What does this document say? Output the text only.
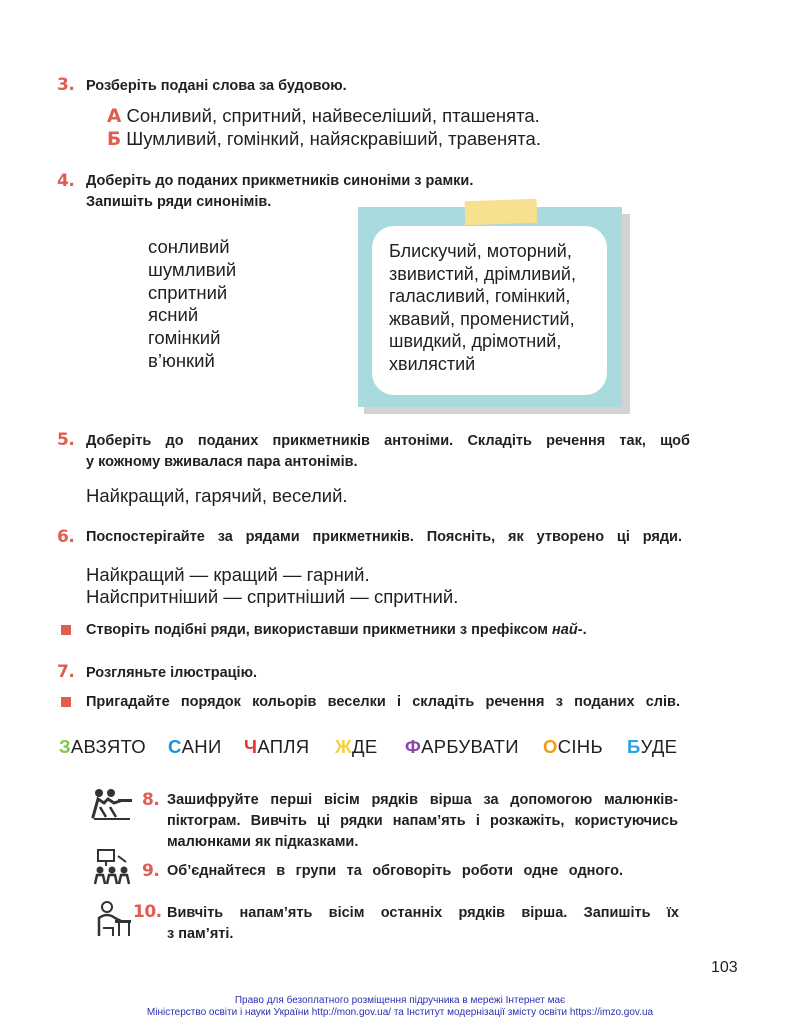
3. Розберіть подані слова за будовою.
А Сонливий, спритний, найвеселіший, пташенята.
Б Шумливий, гомінкий, найяскравіший, травенята.
4. Доберіть до поданих прикметників синоніми з рамки.
Запишіть ряди синонімів.
сонливий
шумливий
спритний
ясний
гомінкий
в’юнкий
Блискучий, моторний,
звивистий, дрімливий,
галасливий, гомінкий,
жвавий, променистий,
швидкий, дрімотний,
хвилястий
5. Доберіть до поданих прикметників антоніми. Складіть речення так, щоб
у кожному вживалася пара антонімів.
Найкращий, гарячий, веселий.
6. Поспостерігайте за рядами прикметників. Поясніть, як утворено ці ряди.
Найкращий — кращий — гарний.
Найспритніший — спритніший — спритний.
Створіть подібні ряди, використавши прикметники з префіксом най-.
7. Розгляньте ілюстрацію.
Пригадайте порядок кольорів веселки і складіть речення з поданих слів.
ЗАВЗЯТО САНИ ЧАПЛЯ ЖДЕ ФАРБУВАТИ ОСІНЬ БУДЕ
8. Зашифруйте перші вісім рядків вірша за допомогою малюнків-
піктограм. Вивчіть ці рядки напам’ять і розкажіть, користуючись
малюнками як підказками.
9. Об’єднайтеся в групи та обговоріть роботи одне одного.
10. Вивчіть напам’ять вісім останніх рядків вірша. Запишіть їх
з пам’яті.
103
Право для безоплатного розміщення підручника в мережі Інтернет має
Міністерство освіти і науки України http://mon.gov.ua/ та Інститут модернізації змісту освіти https://imzo.gov.ua
